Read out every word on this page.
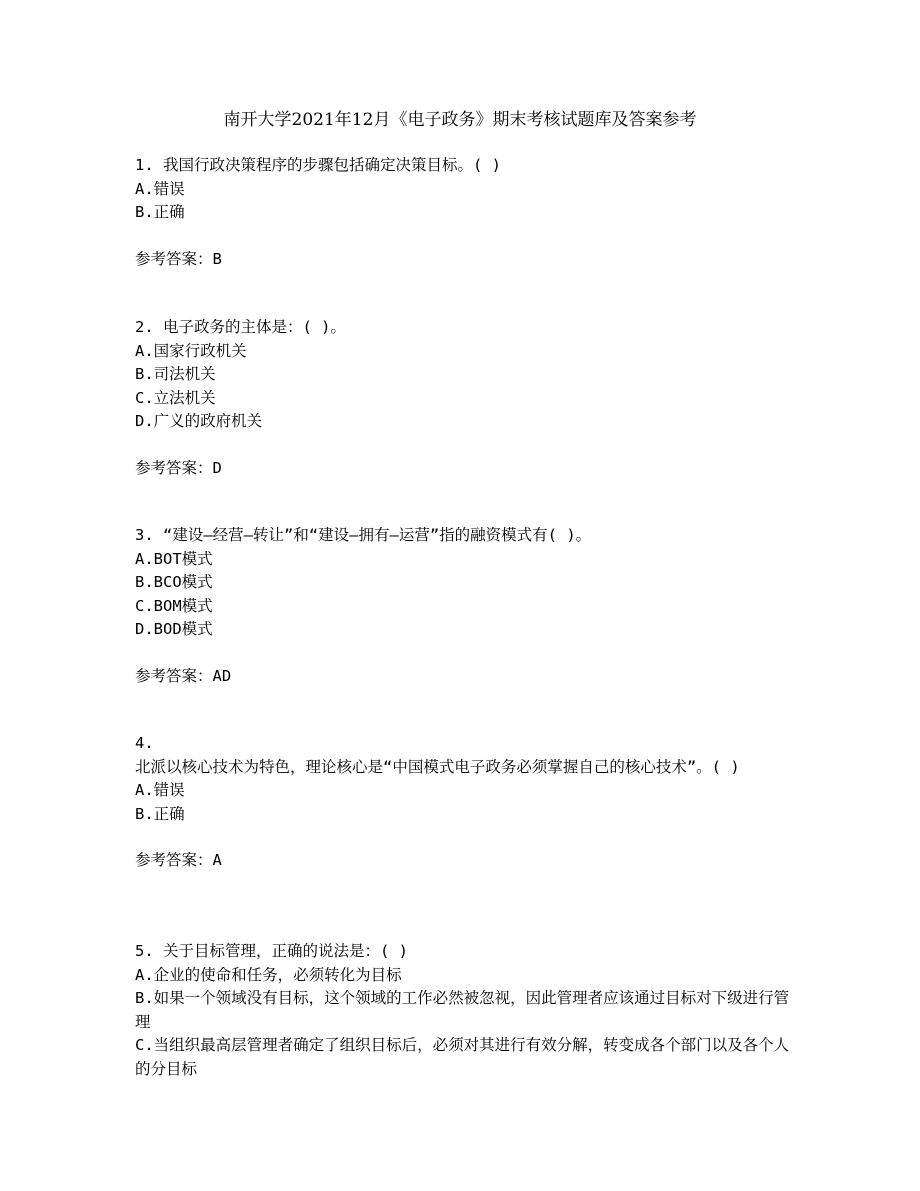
南开大学2021年12月《电子政务》期末考核试题库及答案参考
1. 我国行政决策程序的步骤包括确定决策目标。( )
A.错误
B.正确
参考答案：B
2. 电子政务的主体是：( )。
A.国家行政机关
B.司法机关
C.立法机关
D.广义的政府机关
参考答案：D
3. “建设—经营—转让”和“建设—拥有—运营”指的融资模式有( )。
A.BOT模式
B.BCO模式
C.BOM模式
D.BOD模式
参考答案：AD
4.
北派以核心技术为特色，理论核心是“中国模式电子政务必须掌握自己的核心技术”。( )
A.错误
B.正确
参考答案：A
5. 关于目标管理，正确的说法是：( )
A.企业的使命和任务，必须转化为目标
B.如果一个领域没有目标，这个领域的工作必然被忽视，因此管理者应该通过目标对下级进行管理
C.当组织最高层管理者确定了组织目标后，必须对其进行有效分解，转变成各个部门以及各个人的分目标
